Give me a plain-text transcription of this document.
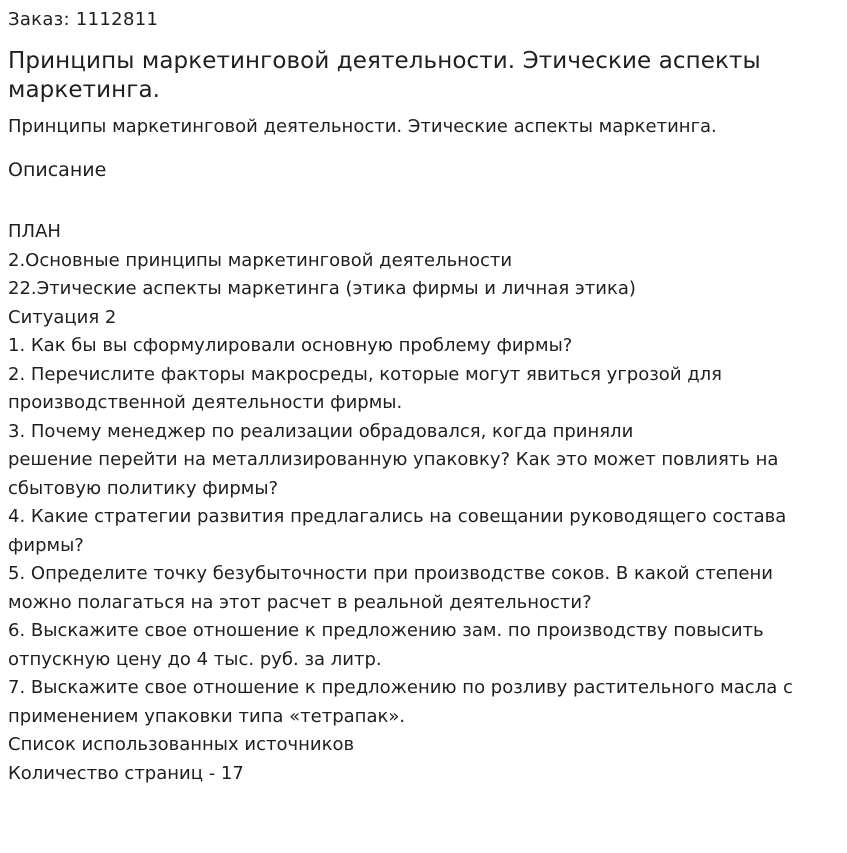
Заказ: 1112811
Принципы маркетинговой деятельности. Этические аспекты
маркетинга.
Принципы маркетинговой деятельности. Этические аспекты маркетинга.
Описание
ПЛАН
2.Основные принципы маркетинговой деятельности
22.Этические аспекты маркетинга (этика фирмы и личная этика)
Ситуация 2
1. Как бы вы сформулировали основную проблему фирмы?
2. Перечислите факторы макросреды, которые могут явиться угрозой для
производственной деятельности фирмы.
3. Почему менеджер по реализации обрадовался, когда приняли
решение перейти на металлизированную упаковку? Как это может повлиять на
сбытовую политику фирмы?
4. Какие стратегии развития предлагались на совещании руководящего состава
фирмы?
5. Определите точку безубыточности при производстве соков. В какой степени
можно полагаться на этот расчет в реальной деятельности?
6. Выскажите свое отношение к предложению зам. по производству повысить
отпускную цену до 4 тыс. руб. за литр.
7. Выскажите свое отношение к предложению по розливу растительного масла с
применением упаковки типа «тетрапак».
Список использованных источников
Количество страниц - 17
